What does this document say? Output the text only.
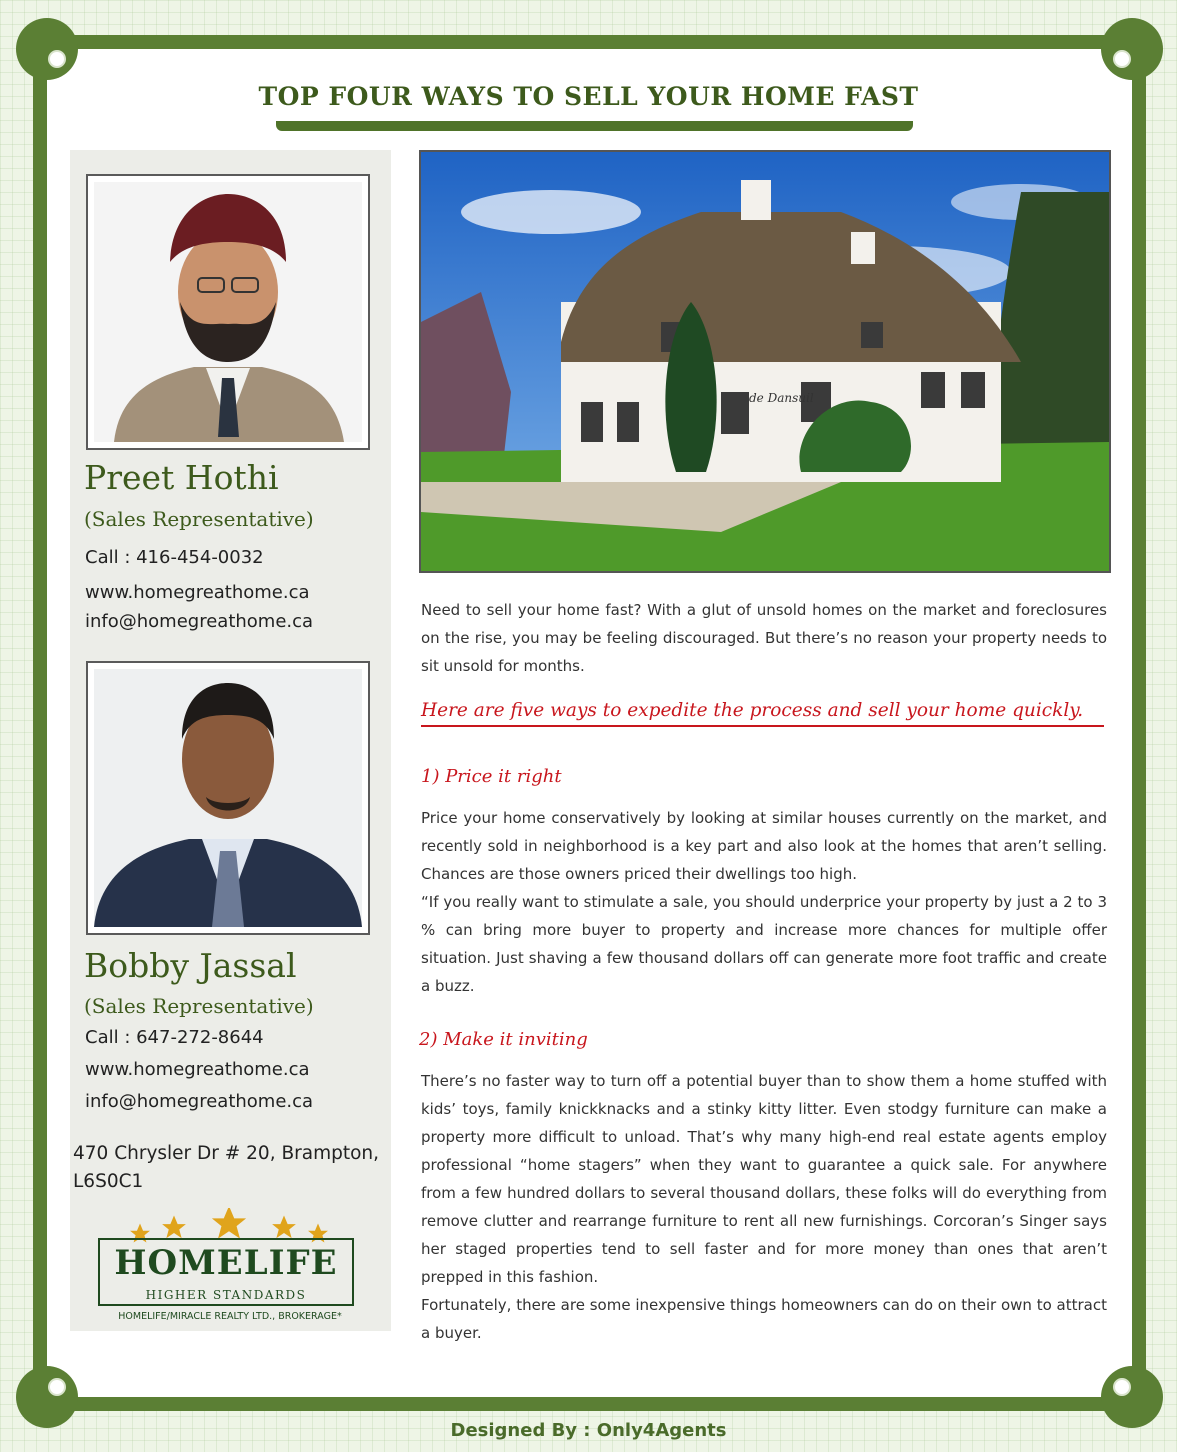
TOP FOUR WAYS TO SELL YOUR HOME FAST
Preet Hothi
(Sales Representative)
Call : 416-454-0032
www.homegreathome.ca
info@homegreathome.ca
Bobby Jassal
(Sales Representative)
Call : 647-272-8644
www.homegreathome.ca
info@homegreathome.ca
470 Chrysler Dr # 20, Brampton, L6S0C1
HOMELIFE
HIGHER STANDARDS
HOMELIFE/MIRACLE REALTY LTD., BROKERAGE*
de Dansuil

Need to sell your home fast? With a glut of unsold homes on the market and foreclosures on the rise, you may be feeling discouraged. But there’s no reason your property needs to sit unsold for months.

Here are five ways to expedite the process and sell your home quickly.
1) Price it right

Price your home conservatively by looking at similar houses currently on the market, and recently sold in neighborhood is a key part and also look at the homes that aren’t selling. Chances are those owners priced their dwellings too high.

“If you really want to stimulate a sale, you should underprice your property by just a 2 to 3 % can bring more buyer to property and increase more chances for multiple offer situation. Just shaving a few thousand dollars off can generate more foot traffic and create a buzz.

2) Make it inviting

There’s no faster way to turn off a potential buyer than to show them a home stuffed with kids’ toys, family knickknacks and a stinky kitty litter. Even stodgy furniture can make a property more difficult to unload. That’s why many high-end real estate agents employ professional “home stagers” when they want to guarantee a quick sale. For anywhere from a few hundred dollars to several thousand dollars, these folks will do everything from remove clutter and rearrange furniture to rent all new furnishings. Corcoran’s Singer says her staged properties tend to sell faster and for more money than ones that aren’t prepped in this fashion.

Fortunately, there are some inexpensive things homeowners can do on their own to attract a buyer.

Designed By : Only4Agents
